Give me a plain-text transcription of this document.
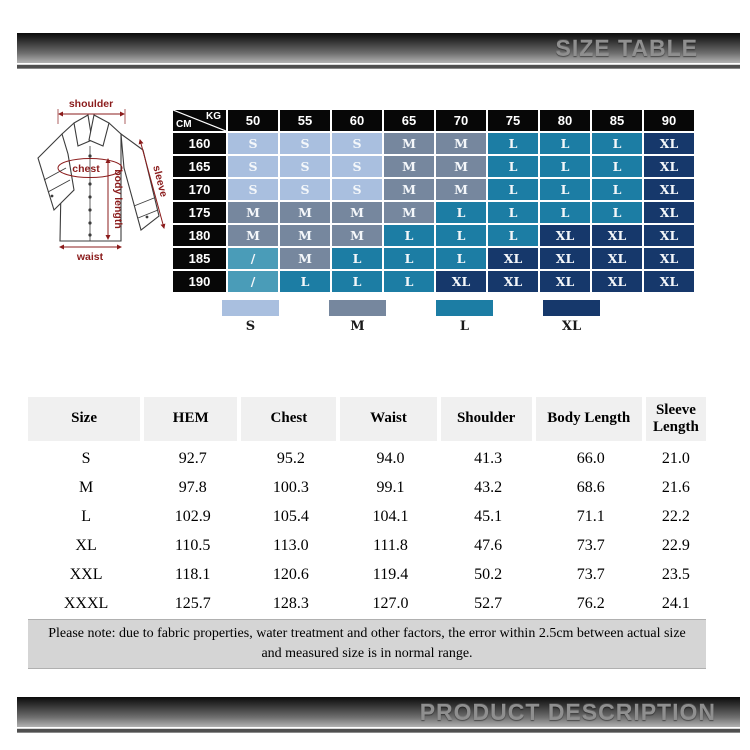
SIZE TABLE
shoulder
chest
body length sleeve
waist
KG
CM	50	55	60	65	70	75	80	85	90
160	S	S	S	M	M	L	L	L	XL
165	S	S	S	M	M	L	L	L	XL
170	S	S	S	M	M	L	L	L	XL
175	M	M	M	M	L	L	L	L	XL
180	M	M	M	L	L	L	XL	XL	XL
185	/	M	L	L	L	XL	XL	XL	XL
190	/	L	L	L	XL	XL	XL	XL	XL
S	M	L	XL
Size	HEM	Chest	Waist	Shoulder	Body Length	Sleeve Length
S	92.7	95.2	94.0	41.3	66.0	21.0
M	97.8	100.3	99.1	43.2	68.6	21.6
L	102.9	105.4	104.1	45.1	71.1	22.2
XL	110.5	113.0	111.8	47.6	73.7	22.9
XXL	118.1	120.6	119.4	50.2	73.7	23.5
XXXL	125.7	128.3	127.0	52.7	76.2	24.1
Please note: due to fabric properties, water treatment and other factors, the error within 2.5cm between actual size
and measured size is in normal range.
PRODUCT DESCRIPTION
